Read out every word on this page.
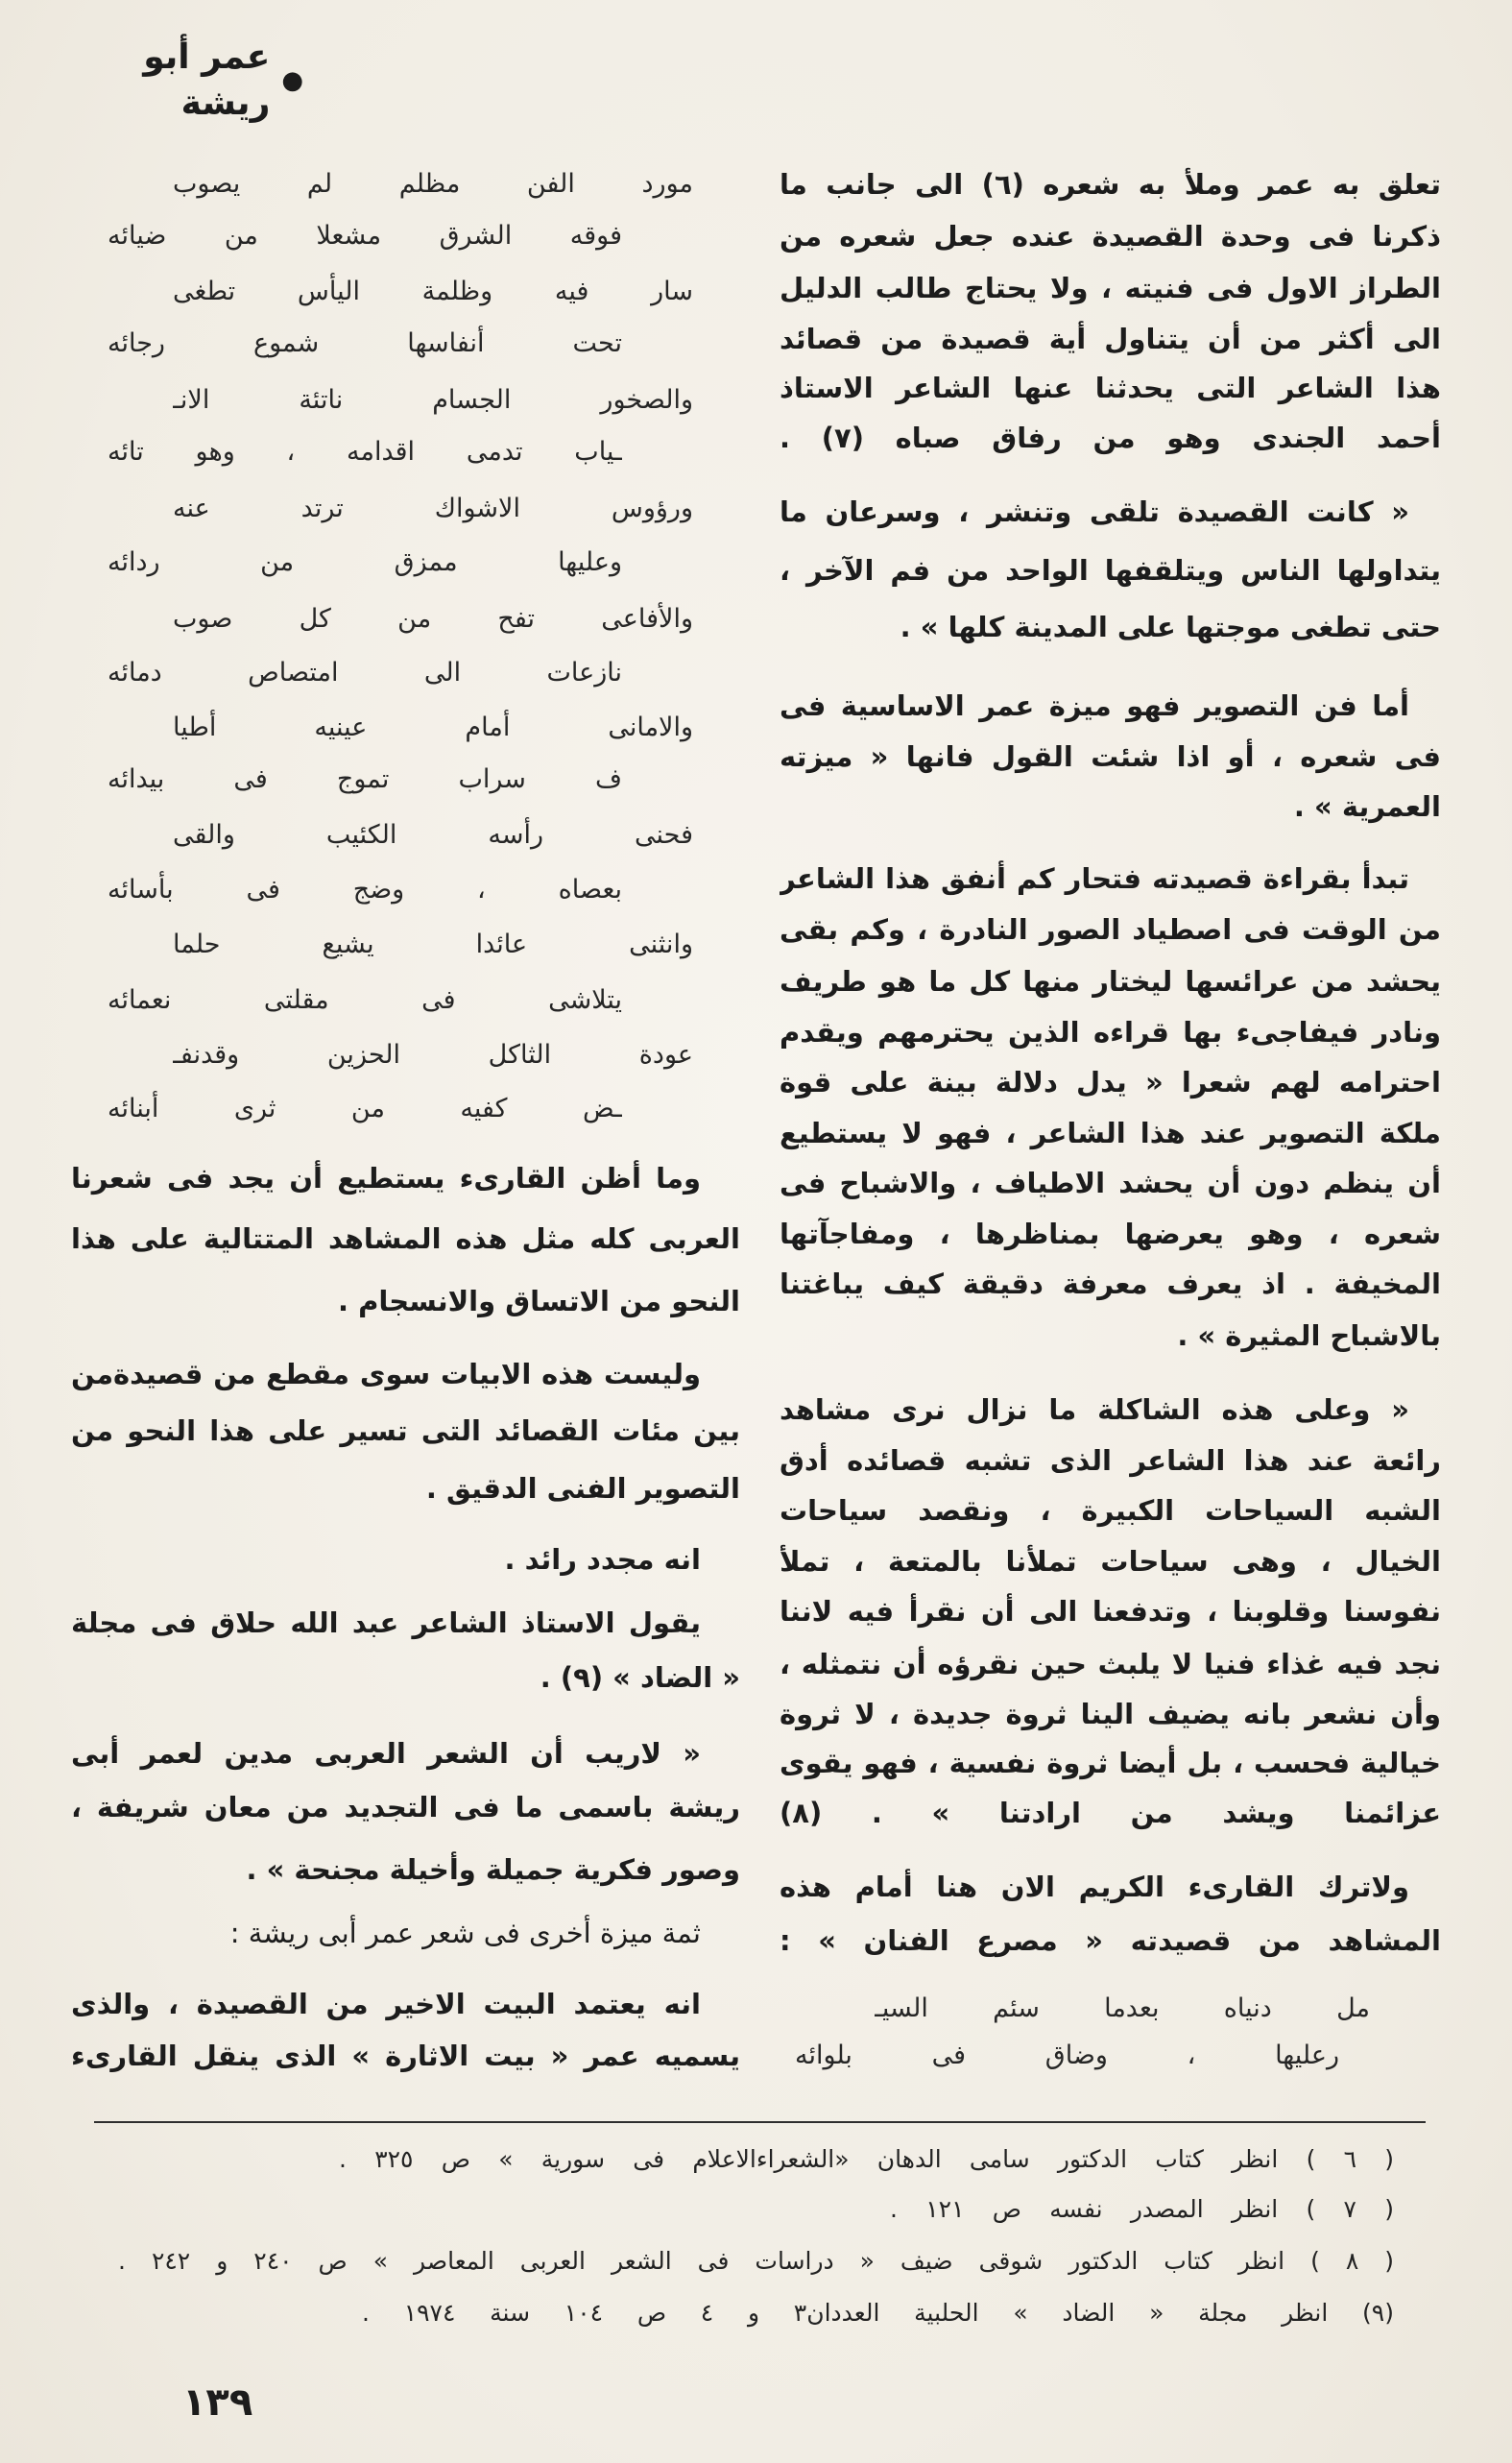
●
عمر أبو ريشة
تعلق به عمر وملأ به شعره (٦) الى جانب ما
ذكرنا فى وحدة القصيدة عنده جعل شعره من
الطراز الاول فى فنيته ، ولا يحتاج طالب الدليل
الى أكثر من أن يتناول أية قصيدة من قصائد
هذا الشاعر التى يحدثنا عنها الشاعر الاستاذ
أحمد الجندى وهو من رفاق صباه (٧) .
« كانت القصيدة تلقى وتنشر ، وسرعان ما
يتداولها الناس ويتلقفها الواحد من فم الآخر ،
حتى تطغى موجتها على المدينة كلها » .
أما فن التصوير فهو ميزة عمر الاساسية فى
فى شعره ، أو اذا شئت القول فانها « ميزته
العمرية » .
تبدأ بقراءة قصيدته فتحار كم أنفق هذا الشاعر
من الوقت فى اصطياد الصور النادرة ، وكم بقى
يحشد من عرائسها ليختار منها كل ما هو طريف
ونادر فيفاجىء بها قراءه الذين يحترمهم ويقدم
احترامه لهم شعرا « يدل دلالة بينة على قوة
ملكة التصوير عند هذا الشاعر ، فهو لا يستطيع
أن ينظم دون أن يحشد الاطياف ، والاشباح فى
شعره ، وهو يعرضها بمناظرها ، ومفاجآتها
المخيفة . اذ يعرف معرفة دقيقة كيف يباغتنا
بالاشباح المثيرة » .
« وعلى هذه الشاكلة ما نزال نرى مشاهد
رائعة عند هذا الشاعر الذى تشبه قصائده أدق
الشبه السياحات الكبيرة ، ونقصد سياحات
الخيال ، وهى سياحات تملأنا بالمتعة ، تملأ
نفوسنا وقلوبنا ، وتدفعنا الى أن نقرأ فيه لاننا
نجد فيه غذاء فنيا لا يلبث حين نقرؤه أن نتمثله ،
وأن نشعر بانه يضيف الينا ثروة جديدة ، لا ثروة
خيالية فحسب ، بل أيضا ثروة نفسية ، فهو يقوى
عزائمنا ويشد من ارادتنا » . (٨)
ولاترك القارىء الكريم الان هنا أمام هذه
المشاهد من قصيدته « مصرع الفنان » :
مل دنياه بعدما سئم السيـ
رعليها ، وضاق فى بلوائه
مورد الفن مظلم لم يصوب
فوقه الشرق مشعلا من ضيائه
سار فيه وظلمة اليأس تطغى
تحت أنفاسها شموع رجائه
والصخور الجسام ناتئة الانـ
ـياب تدمى اقدامه ، وهو تائه
ورؤوس الاشواك ترتد عنه
وعليها ممزق من ردائه
والأفاعى تفح من كل صوب
نازعات الى امتصاص دمائه
والامانى أمام عينيه أطيا
ف سراب تموج فى بيدائه
فحنى رأسه الكئيب والقى
بعصاه ، وضج فى بأسائه
وانثنى عائدا يشيع حلما
يتلاشى فى مقلتى نعمائه
عودة الثاكل الحزين وقدنفـ
ـض كفيه من ثرى أبنائه
وما أظن القارىء يستطيع أن يجد فى شعرنا
العربى كله مثل هذه المشاهد المتتالية على هذا
النحو من الاتساق والانسجام .
وليست هذه الابيات سوى مقطع من قصيدةمن
بين مئات القصائد التى تسير على هذا النحو من
التصوير الفنى الدقيق .
انه مجدد رائد .
يقول الاستاذ الشاعر عبد الله حلاق فى مجلة
« الضاد » (٩) .
« لاريب أن الشعر العربى مدين لعمر أبى
ريشة باسمى ما فى التجديد من معان شريفة ،
وصور فكرية جميلة وأخيلة مجنحة » .
ثمة ميزة أخرى فى شعر عمر أبى ريشة :
انه يعتمد البيت الاخير من القصيدة ، والذى
يسميه عمر « بيت الاثارة » الذى ينقل القارىء
( ٦ ) انظر كتاب الدكتور سامى الدهان «الشعراءالاعلام فى سورية » ص ٣٢٥ .
( ٧ ) انظر المصدر نفسه ص ١٢١ .
( ٨ ) انظر كتاب الدكتور شوقى ضيف « دراسات فى الشعر العربى المعاصر » ص ٢٤٠ و ٢٤٢ .
(٩) انظر مجلة « الضاد » الحلبية العددان٣ و ٤ ص ١٠٤ سنة ١٩٧٤ .
١٣٩
